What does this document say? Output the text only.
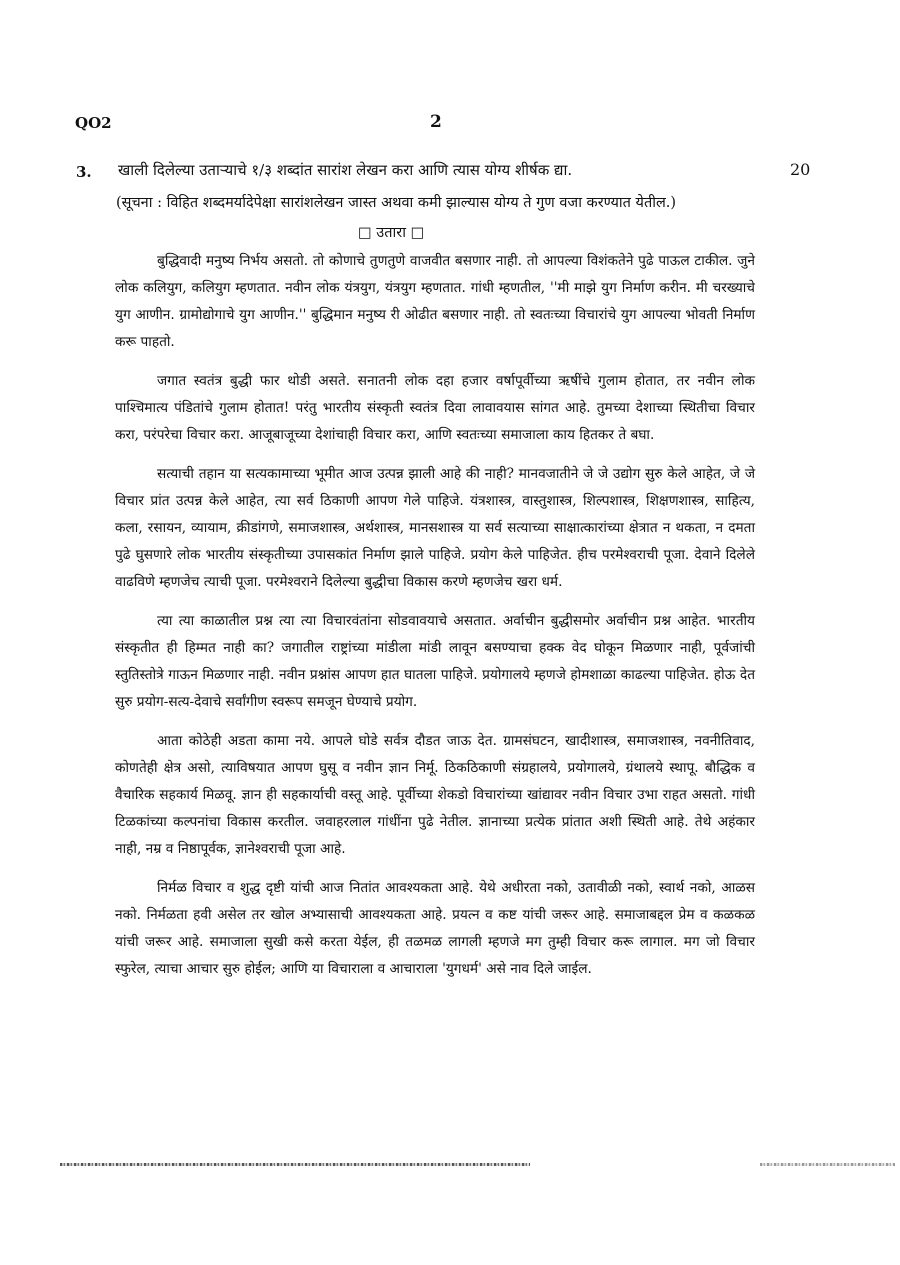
QO2	2
3. खाली दिलेल्या उताऱ्याचे १/३ शब्दांत सारांश लेखन करा आणि त्यास योग्य शीर्षक द्या.	20
(सूचना : विहित शब्दमर्यादेपेक्षा सारांशलेखन जास्त अथवा कमी झाल्यास योग्य ते गुण वजा करण्यात येतील.)
□ उतारा □

बुद्धिवादी मनुष्य निर्भय असतो. तो कोणाचे तुणतुणे वाजवीत बसणार नाही. तो आपल्या विशंकतेने पुढे पाऊल टाकील. जुने लोक कलियुग, कलियुग म्हणतात. नवीन लोक यंत्रयुग, यंत्रयुग म्हणतात. गांधी म्हणतील, ''मी माझे युग निर्माण करीन. मी चरख्याचे युग आणीन. ग्रामोद्योगाचे युग आणीन.'' बुद्धिमान मनुष्य री ओढीत बसणार नाही. तो स्वतःच्या विचारांचे युग आपल्या भोवती निर्माण करू पाहतो.

जगात स्वतंत्र बुद्धी फार थोडी असते. सनातनी लोक दहा हजार वर्षापूर्वीच्या ऋषींचे गुलाम होतात, तर नवीन लोक पाश्चिमात्य पंडितांचे गुलाम होतात! परंतु भारतीय संस्कृती स्वतंत्र दिवा लावावयास सांगत आहे. तुमच्या देशाच्या स्थितीचा विचार करा, परंपरेचा विचार करा. आजूबाजूच्या देशांचाही विचार करा, आणि स्वतःच्या समाजाला काय हितकर ते बघा.

सत्याची तहान या सत्यकामाच्या भूमीत आज उत्पन्न झाली आहे की नाही? मानवजातीने जे जे उद्योग सुरु केले आहेत, जे जे विचार प्रांत उत्पन्न केले आहेत, त्या सर्व ठिकाणी आपण गेले पाहिजे. यंत्रशास्त्र, वास्तुशास्त्र, शिल्पशास्त्र, शिक्षणशास्त्र, साहित्य, कला, रसायन, व्यायाम, क्रीडांगणे, समाजशास्त्र, अर्थशास्त्र, मानसशास्त्र या सर्व सत्याच्या साक्षात्कारांच्या क्षेत्रात न थकता, न दमता पुढे घुसणारे लोक भारतीय संस्कृतीच्या उपासकांत निर्माण झाले पाहिजे. प्रयोग केले पाहिजेत. हीच परमेश्वराची पूजा. देवाने दिलेले वाढविणे म्हणजेच त्याची पूजा. परमेश्वराने दिलेल्या बुद्धीचा विकास करणे म्हणजेच खरा धर्म.

त्या त्या काळातील प्रश्न त्या त्या विचारवंतांना सोडवावयाचे असतात. अर्वाचीन बुद्धीसमोर अर्वाचीन प्रश्न आहेत. भारतीय संस्कृतीत ही हिम्मत नाही का? जगातील राष्ट्रांच्या मांडीला मांडी लावून बसण्याचा हक्क वेद घोकून मिळणार नाही, पूर्वजांची स्तुतिस्तोत्रे गाऊन मिळणार नाही. नवीन प्रश्नांस आपण हात घातला पाहिजे. प्रयोगालये म्हणजे होमशाळा काढल्या पाहिजेत. होऊ देत सुरु प्रयोग-सत्य-देवाचे सर्वांगीण स्वरूप समजून घेण्याचे प्रयोग.

आता कोठेही अडता कामा नये. आपले घोडे सर्वत्र दौडत जाऊ देत. ग्रामसंघटन, खादीशास्त्र, समाजशास्त्र, नवनीतिवाद, कोणतेही क्षेत्र असो, त्याविषयात आपण घुसू व नवीन ज्ञान निर्मू. ठिकठिकाणी संग्रहालये, प्रयोगालये, ग्रंथालये स्थापू. बौद्धिक व वैचारिक सहकार्य मिळवू. ज्ञान ही सहकार्याची वस्तू आहे. पूर्वीच्या शेकडो विचारांच्या खांद्यावर नवीन विचार उभा राहत असतो. गांधी टिळकांच्या कल्पनांचा विकास करतील. जवाहरलाल गांधींना पुढे नेतील. ज्ञानाच्या प्रत्येक प्रांतात अशी स्थिती आहे. तेथे अहंकार नाही, नम्र व निष्ठापूर्वक, ज्ञानेश्वराची पूजा आहे.

निर्मळ विचार व शुद्ध दृष्टी यांची आज नितांत आवश्यकता आहे. येथे अधीरता नको, उतावीळी नको, स्वार्थ नको, आळस नको. निर्मळता हवी असेल तर खोल अभ्यासाची आवश्यकता आहे. प्रयत्न व कष्ट यांची जरूर आहे. समाजाबद्दल प्रेम व कळकळ यांची जरूर आहे. समाजाला सुखी कसे करता येईल, ही तळमळ लागली म्हणजे मग तुम्ही विचार करू लागाल. मग जो विचार स्फुरेल, त्याचा आचार सुरु होईल; आणि या विचाराला व आचाराला 'युगधर्म' असे नाव दिले जाईल.
